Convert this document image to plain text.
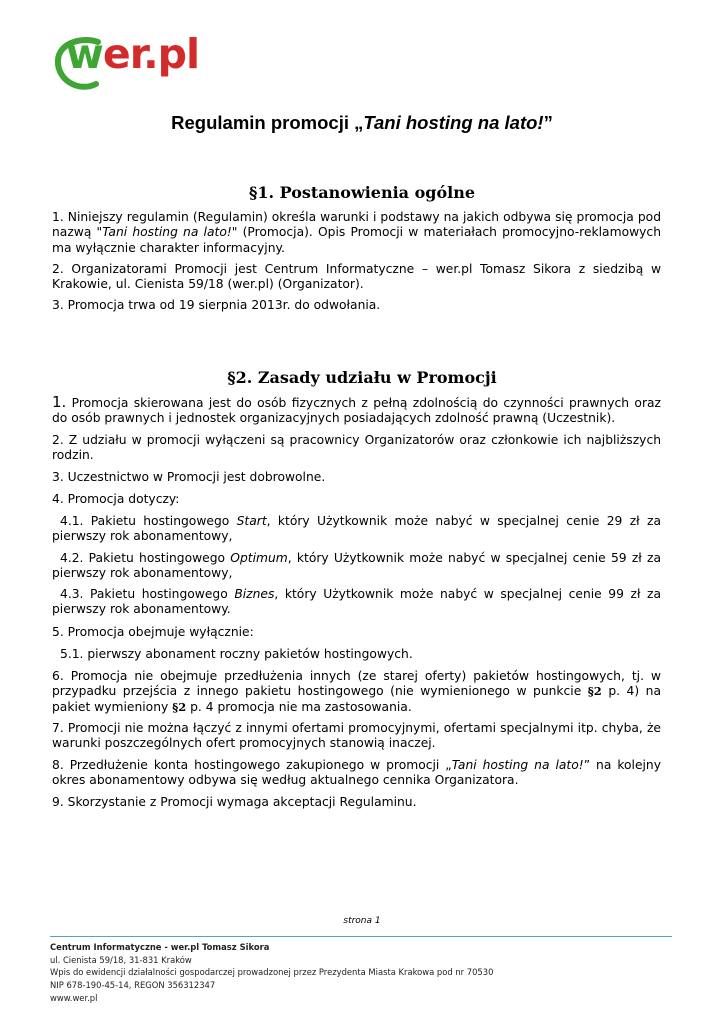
wer.pl
Regulamin promocji „Tani hosting na lato!”
§1. Postanowienia ogólne
1. Niniejszy regulamin (Regulamin) określa warunki i podstawy na jakich odbywa się promocja pod nazwą "Tani hosting na lato!" (Promocja). Opis Promocji w materiałach promocyjno-reklamowych ma wyłącznie charakter informacyjny.
2. Organizatorami Promocji jest Centrum Informatyczne – wer.pl Tomasz Sikora z siedzibą w Krakowie, ul. Cienista 59/18 (wer.pl) (Organizator).
3. Promocja trwa od 19 sierpnia 2013r. do odwołania.
§2. Zasady udziału w Promocji
1. Promocja skierowana jest do osób fizycznych z pełną zdolnością do czynności prawnych oraz do osób prawnych i jednostek organizacyjnych posiadających zdolność prawną (Uczestnik).
2. Z udziału w promocji wyłączeni są pracownicy Organizatorów oraz członkowie ich najbliższych rodzin.
3. Uczestnictwo w Promocji jest dobrowolne.
4. Promocja dotyczy:
4.1. Pakietu hostingowego Start, który Użytkownik może nabyć w specjalnej cenie 29 zł za pierwszy rok abonamentowy,
4.2. Pakietu hostingowego Optimum, który Użytkownik może nabyć w specjalnej cenie 59 zł za pierwszy rok abonamentowy,
4.3. Pakietu hostingowego Biznes, który Użytkownik może nabyć w specjalnej cenie 99 zł za pierwszy rok abonamentowy.
5. Promocja obejmuje wyłącznie:
5.1. pierwszy abonament roczny pakietów hostingowych.
6. Promocja nie obejmuje przedłużenia innych (ze starej oferty) pakietów hostingowych, tj. w przypadku przejścia z innego pakietu hostingowego (nie wymienionego w punkcie §2 p. 4) na pakiet wymieniony §2 p. 4 promocja nie ma zastosowania.
7. Promocji nie można łączyć z innymi ofertami promocyjnymi, ofertami specjalnymi itp. chyba, że warunki poszczególnych ofert promocyjnych stanowią inaczej.
8. Przedłużenie konta hostingowego zakupionego w promocji „Tani hosting na lato!” na kolejny okres abonamentowy odbywa się według aktualnego cennika Organizatora.
9. Skorzystanie z Promocji wymaga akceptacji Regulaminu.
strona 1
Centrum Informatyczne - wer.pl Tomasz Sikora
ul. Cienista 59/18, 31-831 Kraków
Wpis do ewidencji działalności gospodarczej prowadzonej przez Prezydenta Miasta Krakowa pod nr 70530
NIP 678-190-45-14, REGON 356312347
www.wer.pl
